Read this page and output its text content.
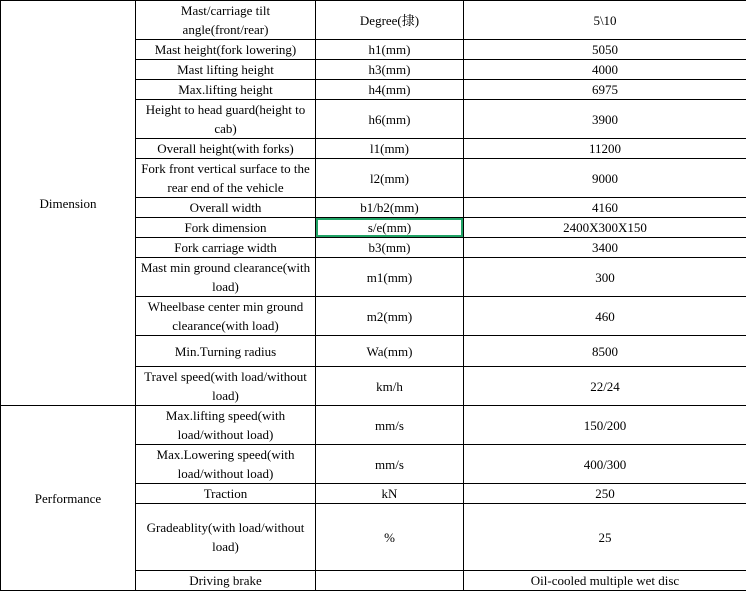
Dimension	Mast/carriage tilt angle(front/rear)	Degree(捸)	5\10
	Mast height(fork lowering)	h1(mm)	5050
	Mast lifting height	h3(mm)	4000
	Max.lifting height	h4(mm)	6975
	Height to head guard(height to cab)	h6(mm)	3900
	Overall height(with forks)	l1(mm)	11200
	Fork front vertical surface to the rear end of the vehicle	l2(mm)	9000
	Overall width	b1/b2(mm)	4160
	Fork dimension	s/e(mm)	2400X300X150
	Fork carriage width	b3(mm)	3400
	Mast min ground clearance(with load)	m1(mm)	300
	Wheelbase center min ground clearance(with load)	m2(mm)	460
	Min.Turning radius	Wa(mm)	8500
	Travel speed(with load/without load)	km/h	22/24
Performance	Max.lifting speed(with load/without load)	mm/s	150/200
	Max.Lowering speed(with load/without load)	mm/s	400/300
	Traction	kN	250
	Gradeablity(with load/without load)	%	25
	Driving brake		Oil-cooled multiple wet disc
